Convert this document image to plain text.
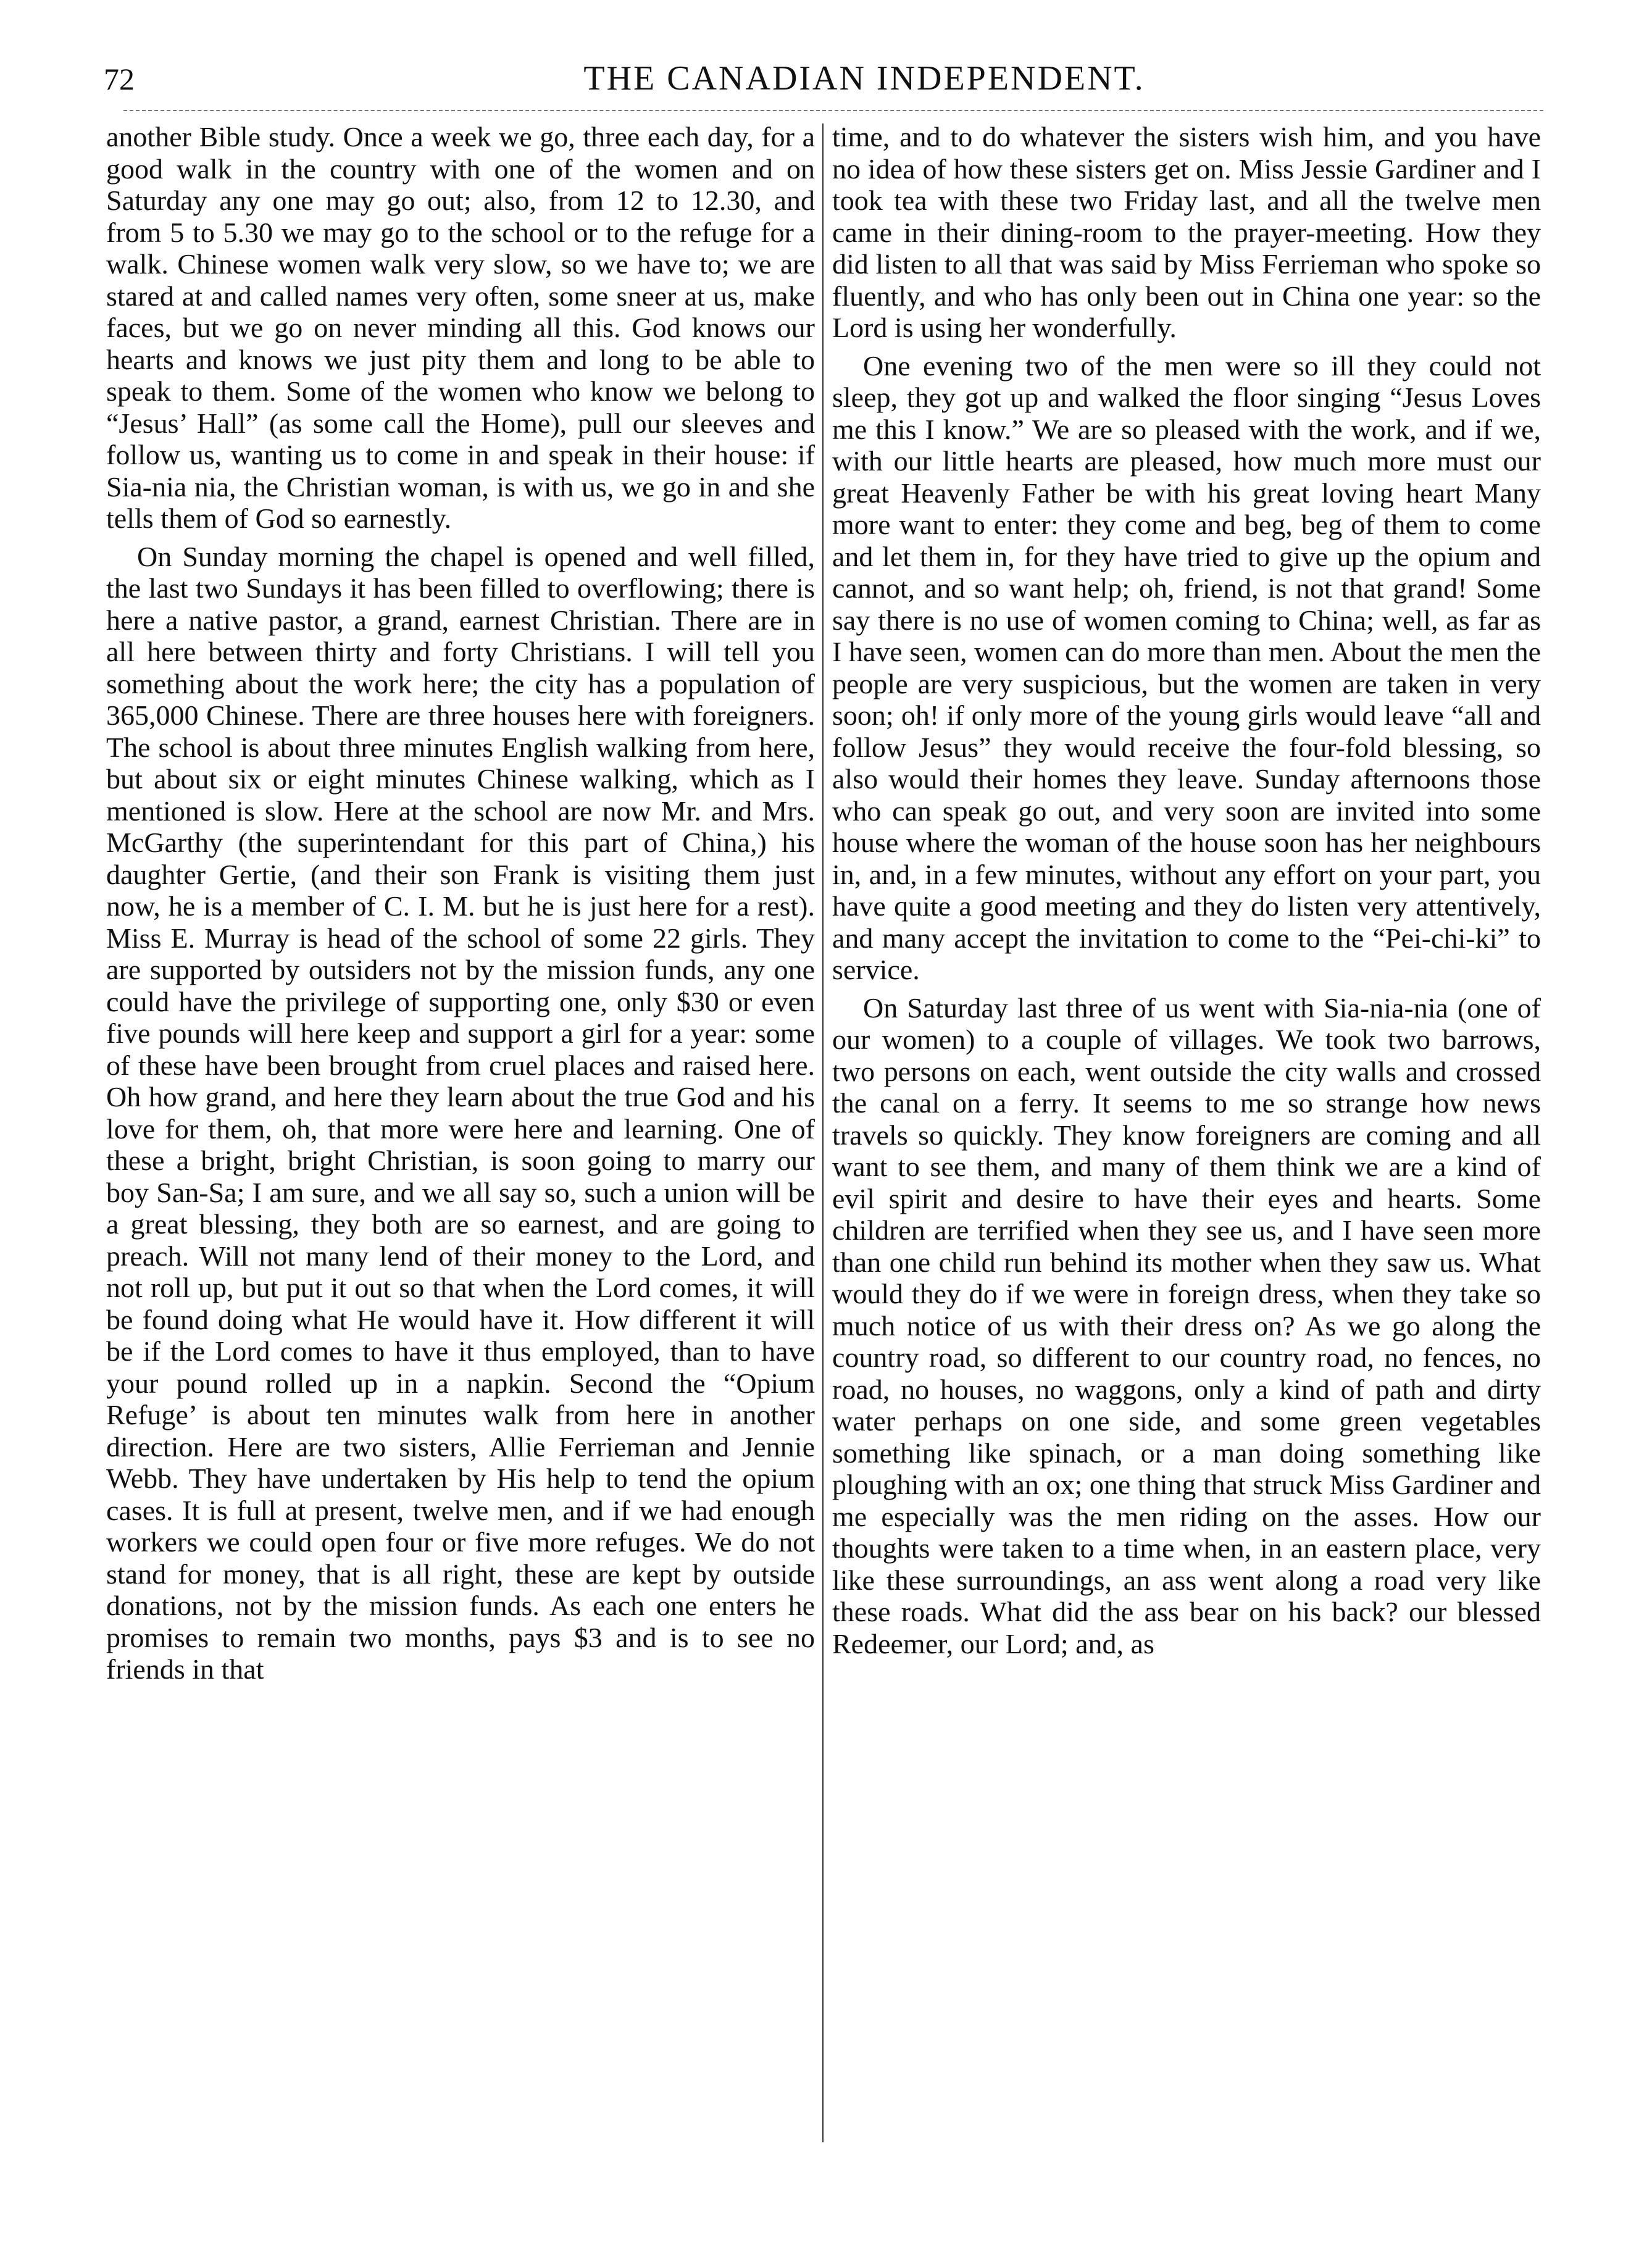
72	THE CANADIAN INDEPENDENT.

another Bible study. Once a week we go, three each day, for a good walk in the country with one of the women and on Saturday any one may go out; also, from 12 to 12.30, and from 5 to 5.30 we may go to the school or to the refuge for a walk. Chinese women walk very slow, so we have to; we are stared at and called names very often, some sneer at us, make faces, but we go on never minding all this. God knows our hearts and knows we just pity them and long to be able to speak to them. Some of the women who know we belong to “Jesus’ Hall” (as some call the Home), pull our sleeves and follow us, wanting us to come in and speak in their house: if Sia-nia nia, the Christian woman, is with us, we go in and she tells them of God so earnestly.

On Sunday morning the chapel is opened and well filled, the last two Sundays it has been filled to overflowing; there is here a native pastor, a grand, earnest Christian. There are in all here between thirty and forty Christians. I will tell you something about the work here; the city has a population of 365,000 Chinese. There are three houses here with foreigners. The school is about three minutes English walking from here, but about six or eight minutes Chinese walking, which as I mentioned is slow. Here at the school are now Mr. and Mrs. McGarthy (the superintendant for this part of China,) his daughter Gertie, (and their son Frank is visiting them just now, he is a member of C. I. M. but he is just here for a rest). Miss E. Murray is head of the school of some 22 girls. They are supported by outsiders not by the mission funds, any one could have the privilege of supporting one, only $30 or even five pounds will here keep and support a girl for a year: some of these have been brought from cruel places and raised here. Oh how grand, and here they learn about the true God and his love for them, oh, that more were here and learning. One of these a bright, bright Christian, is soon going to marry our boy San-Sa; I am sure, and we all say so, such a union will be a great blessing, they both are so earnest, and are going to preach. Will not many lend of their money to the Lord, and not roll up, but put it out so that when the Lord comes, it will be found doing what He would have it. How different it will be if the Lord comes to have it thus employed, than to have your pound rolled up in a napkin. Second the “Opium Refuge’ is about ten minutes walk from here in another direction. Here are two sisters, Allie Ferrieman and Jennie Webb. They have undertaken by His help to tend the opium cases. It is full at present, twelve men, and if we had enough workers we could open four or five more refuges. We do not stand for money, that is all right, these are kept by outside donations, not by the mission funds. As each one enters he promises to remain two months, pays $3 and is to see no friends in that

time, and to do whatever the sisters wish him, and you have no idea of how these sisters get on. Miss Jessie Gardiner and I took tea with these two Friday last, and all the twelve men came in their dining-room to the prayer-meeting. How they did listen to all that was said by Miss Ferrieman who spoke so fluently, and who has only been out in China one year: so the Lord is using her wonderfully.

One evening two of the men were so ill they could not sleep, they got up and walked the floor singing “Jesus Loves me this I know.” We are so pleased with the work, and if we, with our little hearts are pleased, how much more must our great Heavenly Father be with his great loving heart Many more want to enter: they come and beg, beg of them to come and let them in, for they have tried to give up the opium and cannot, and so want help; oh, friend, is not that grand! Some say there is no use of women coming to China; well, as far as I have seen, women can do more than men. About the men the people are very suspicious, but the women are taken in very soon; oh! if only more of the young girls would leave “all and follow Jesus” they would receive the four-fold blessing, so also would their homes they leave. Sunday afternoons those who can speak go out, and very soon are invited into some house where the woman of the house soon has her neighbours in, and, in a few minutes, without any effort on your part, you have quite a good meeting and they do listen very attentively, and many accept the invitation to come to the “Pei-chi-ki” to service.

On Saturday last three of us went with Sia-nia-nia (one of our women) to a couple of villages. We took two barrows, two persons on each, went outside the city walls and crossed the canal on a ferry. It seems to me so strange how news travels so quickly. They know foreigners are coming and all want to see them, and many of them think we are a kind of evil spirit and desire to have their eyes and hearts. Some children are terrified when they see us, and I have seen more than one child run behind its mother when they saw us. What would they do if we were in foreign dress, when they take so much notice of us with their dress on? As we go along the country road, so different to our country road, no fences, no road, no houses, no waggons, only a kind of path and dirty water perhaps on one side, and some green vegetables something like spinach, or a man doing something like ploughing with an ox; one thing that struck Miss Gardiner and me especially was the men riding on the asses. How our thoughts were taken to a time when, in an eastern place, very like these surroundings, an ass went along a road very like these roads. What did the ass bear on his back? our blessed Redeemer, our Lord; and, as
